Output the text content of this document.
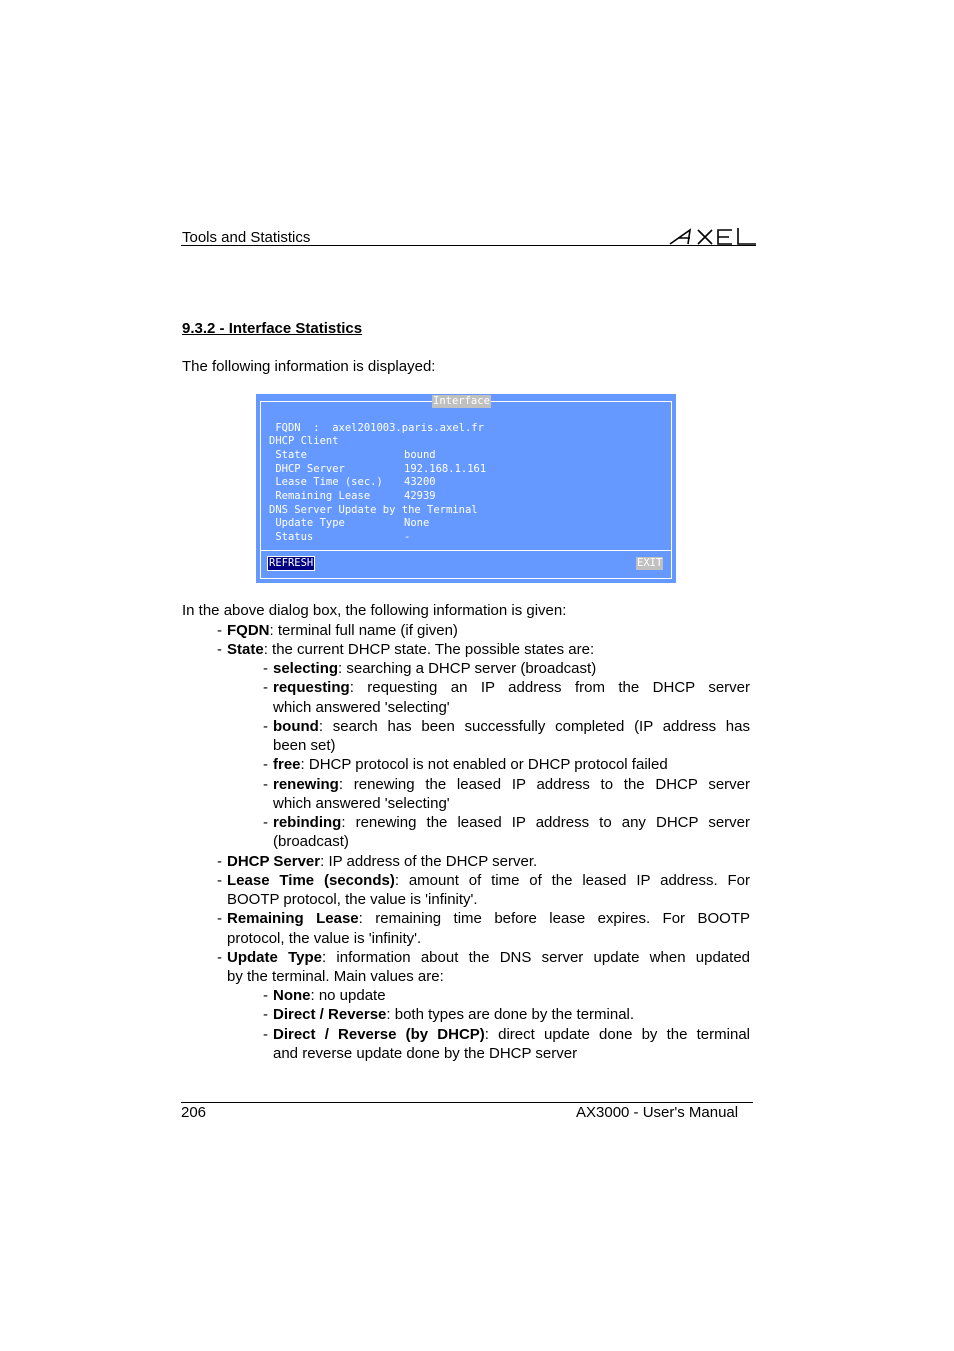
Tools and Statistics
9.3.2 - Interface Statistics
The following information is displayed:
Interface
FQDN  :  axel201003.paris.axel.fr
DHCP Client
State	bound
DHCP Server	192.168.1.161
Lease Time (sec.) 43200
Remaining Lease	42939
DNS Server Update by the Terminal
Update Type	None
Status	-
REFRESH	EXIT
In the above dialog box, the following information is given:
- FQDN: terminal full name (if given)
- State: the current DHCP state. The possible states are:
- selecting: searching a DHCP server (broadcast)
- requesting: requesting an IP address from the DHCP server
which answered 'selecting'
- bound: search has been successfully completed (IP address has
been set)
- free: DHCP protocol is not enabled or DHCP protocol failed
- renewing: renewing the leased IP address to the DHCP server
which answered 'selecting'
- rebinding: renewing the leased IP address to any DHCP server
(broadcast)
- DHCP Server: IP address of the DHCP server.
- Lease Time (seconds): amount of time of the leased IP address. For
BOOTP protocol, the value is 'infinity'.
- Remaining Lease: remaining time before lease expires. For BOOTP
protocol, the value is 'infinity'.
- Update Type: information about the DNS server update when updated
by the terminal. Main values are:
- None: no update
- Direct / Reverse: both types are done by the terminal.
- Direct / Reverse (by DHCP): direct update done by the terminal
and reverse update done by the DHCP server
206	AX3000 - User's Manual
